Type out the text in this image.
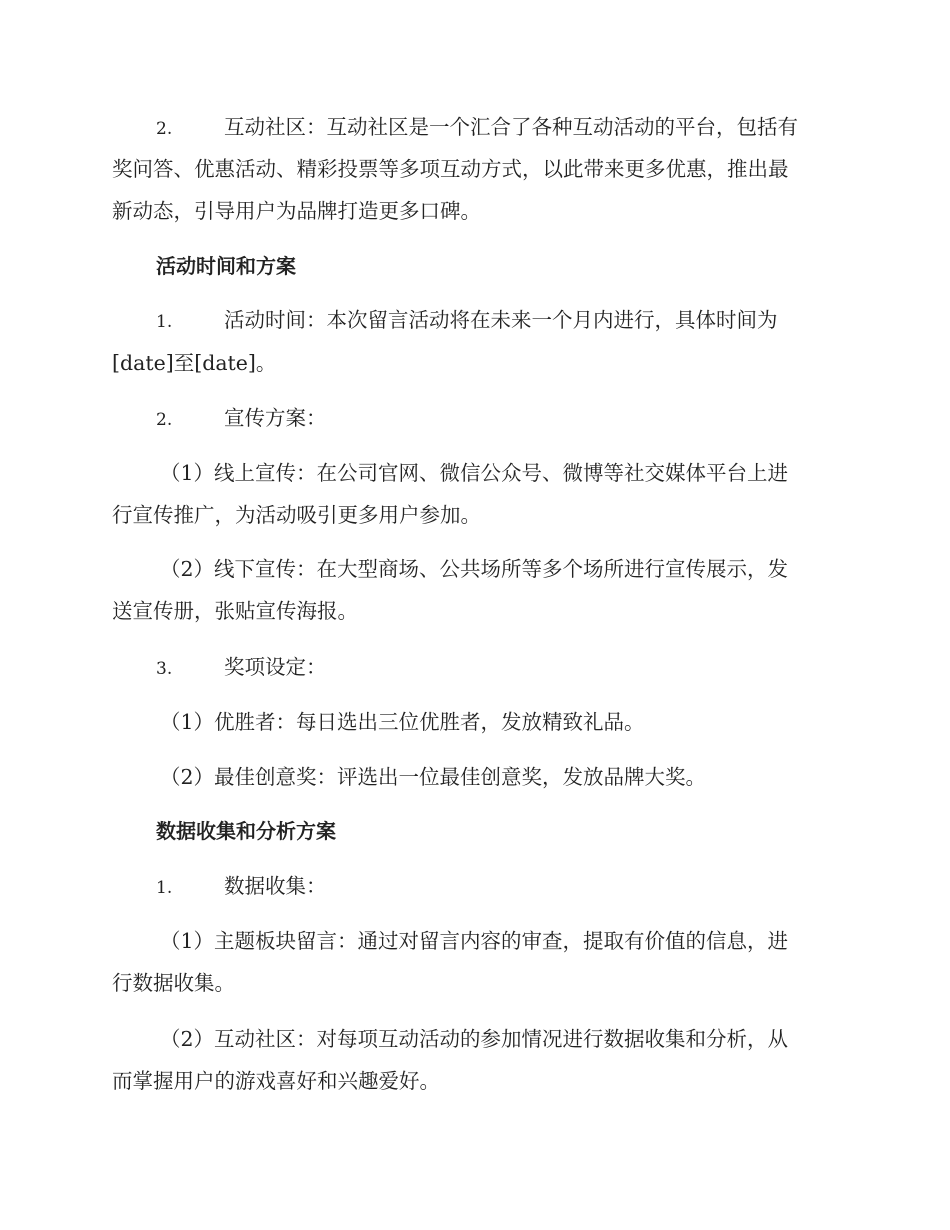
2.	互动社区：互动社区是一个汇合了各种互动活动的平台，包括有

奖问答、优惠活动、精彩投票等多项互动方式，以此带来更多优惠，推出最

新动态，引导用户为品牌打造更多口碑。

活动时间和方案

1.	活动时间：本次留言活动将在未来一个月内进行，具体时间为

[date]至[date]。

2.	宣传方案：

（1）线上宣传：在公司官网、微信公众号、微博等社交媒体平台上进

行宣传推广，为活动吸引更多用户参加。

（2）线下宣传：在大型商场、公共场所等多个场所进行宣传展示，发

送宣传册，张贴宣传海报。

3.	奖项设定：

（1）优胜者：每日选出三位优胜者，发放精致礼品。

（2）最佳创意奖：评选出一位最佳创意奖，发放品牌大奖。

数据收集和分析方案

1.	数据收集：

（1）主题板块留言：通过对留言内容的审查，提取有价值的信息，进

行数据收集。

（2）互动社区：对每项互动活动的参加情况进行数据收集和分析，从

而掌握用户的游戏喜好和兴趣爱好。
